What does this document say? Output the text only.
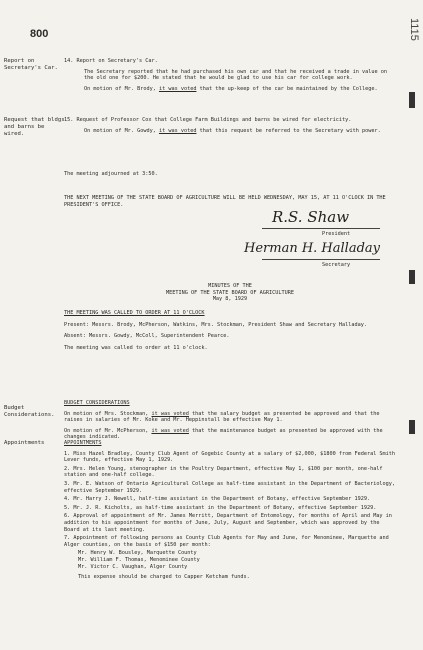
800	1115
Report on Secretary's Car.
Request that bldgs and barns be wired.
Budget Considerations.
Appointments
14. Report on Secretary's Car.
The Secretary reported that he had purchased his own car and that he received a trade in value on the old one for $200. He stated that he would be glad to use his car for college work.
On motion of Mr. Brody, it was voted that the up-keep of the car be maintained by the College.
15. Request of Professor Cox that College Farm Buildings and barns be wired for electricity.
On motion of Mr. Gowdy, it was voted that this request be referred to the Secretary with power.
The meeting adjourned at 3:50.
THE NEXT MEETING OF THE STATE BOARD OF AGRICULTURE WILL BE HELD WEDNESDAY, MAY 15, AT 11 O'CLOCK IN THE PRESIDENT'S OFFICE.
R.S. Shaw
President
Herman H. Halladay
Secretary
MINUTES OF THE
MEETING OF THE STATE BOARD OF AGRICULTURE
May 8, 1929
THE MEETING WAS CALLED TO ORDER AT 11 O'CLOCK
Present: Messrs. Brody, McPherson, Watkins, Mrs. Stockman, President Shaw and Secretary Halladay.
Absent: Messrs. Gowdy, McColl, Superintendent Pearce.
The meeting was called to order at 11 o'clock.
BUDGET CONSIDERATIONS
On motion of Mrs. Stockman, it was voted that the salary budget as presented be approved and that the raises in salaries of Mr. Koke and Mr. Heppinstall be effective May 1.
On motion of Mr. McPherson, it was voted that the maintenance budget as presented be approved with the changes indicated.
APPOINTMENTS
1. Miss Hazel Bradley, County Club Agent of Gogebic County at a salary of $2,000, $1800 from Federal Smith Lever funds, effective May 1, 1929.
2. Mrs. Helen Young, stenographer in the Poultry Department, effective May 1, $100 per month, one-half station and one-half college.
3. Mr. E. Watson of Ontario Agricultural College as half-time assistant in the Department of Bacteriology, effective September 1929.
4. Mr. Harry J. Newell, half-time assistant in the Department of Botany, effective September 1929.
5. Mr. J. R. Kicholts, as half-time assistant in the Department of Botany, effective September 1929.
6. Approval of appointment of Mr. James Merritt, Department of Entomology, for months of April and May in addition to his appointment for months of June, July, August and September, which was approved by the Board at its last meeting.
7. Appointment of following persons as County Club Agents for May and June, for Menominee, Marquette and Alger counties, on the basis of $150 per month:
Mr. Henry W. Bousley, Marquette County
Mr. William F. Thomas, Menominee County
Mr. Victor C. Vaughan, Alger County
This expense should be charged to Capper Ketcham funds.
